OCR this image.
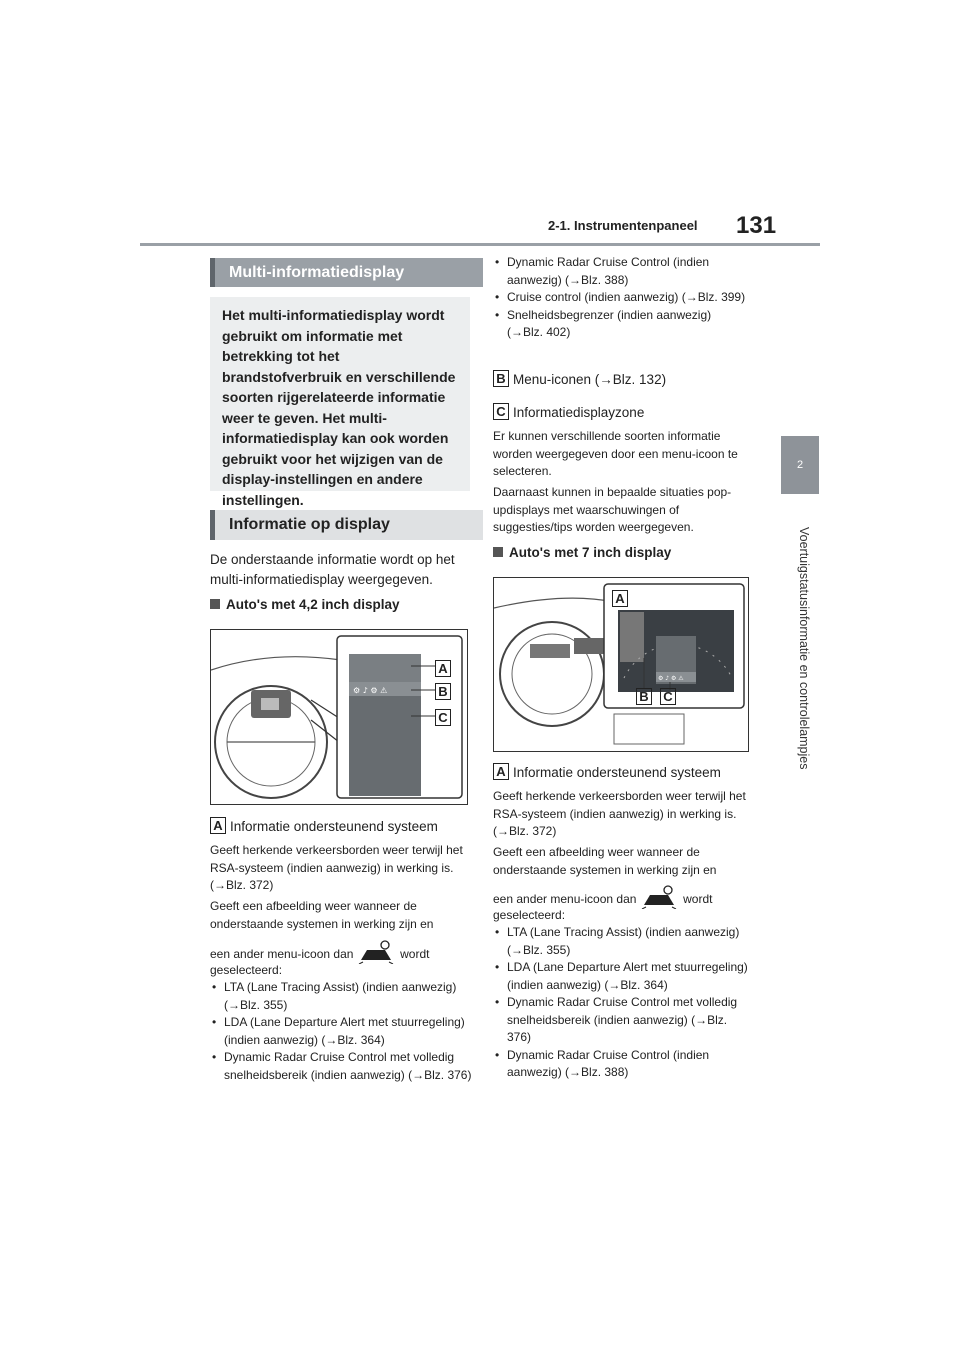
2-1. Instrumentenpaneel 131
2
Voertuigstatusinformatie en controlelampjes
Multi-informatiedisplay
Het multi-informatiedisplay wordt gebruikt om informatie met betrekking tot het brandstofverbruik en verschillende soorten rijgerelateerde informatie weer te geven. Het multi-informatiedisplay kan ook worden gebruikt voor het wijzigen van de display-instellingen en andere instellingen.
Informatie op display
De onderstaande informatie wordt op het multi-informatiedisplay weergegeven.
Auto's met 4,2 inch display
⚙ ♪ ⚙ ⚠
A
B
C
A Informatie ondersteunend systeem
Geeft herkende verkeersborden weer terwijl het RSA-systeem (indien aanwezig) in werking is. (→Blz. 372)
Geeft een afbeelding weer wanneer de onderstaande systemen in werking zijn en
een ander menu-icoon dan	wordt
geselecteerd:
• LTA (Lane Tracing Assist) (indien aanwezig) (→Blz. 355)
• LDA (Lane Departure Alert met stuurregeling) (indien aanwezig) (→Blz. 364)
• Dynamic Radar Cruise Control met volledig snelheidsbereik (indien aanwezig) (→Blz. 376)
• Dynamic Radar Cruise Control (indien aanwezig) (→Blz. 388)
• Cruise control (indien aanwezig) (→Blz. 399)
• Snelheidsbegrenzer (indien aanwezig) (→Blz. 402)
B Menu-iconen (→Blz. 132)
C Informatiedisplayzone
Er kunnen verschillende soorten informatie worden weergegeven door een menu-icoon te selecteren.
Daarnaast kunnen in bepaalde situaties pop-updisplays met waarschuwingen of suggesties/tips worden weergegeven.
Auto's met 7 inch display
⚙ ♪ ⚙ ⚠
A
B C
A Informatie ondersteunend systeem
Geeft herkende verkeersborden weer terwijl het RSA-systeem (indien aanwezig) in werking is. (→Blz. 372)
Geeft een afbeelding weer wanneer de onderstaande systemen in werking zijn en
een ander menu-icoon dan	wordt
geselecteerd:
• LTA (Lane Tracing Assist) (indien aanwezig) (→Blz. 355)
• LDA (Lane Departure Alert met stuurregeling) (indien aanwezig) (→Blz. 364)
• Dynamic Radar Cruise Control met volledig snelheidsbereik (indien aanwezig) (→Blz. 376)
• Dynamic Radar Cruise Control (indien aanwezig) (→Blz. 388)
